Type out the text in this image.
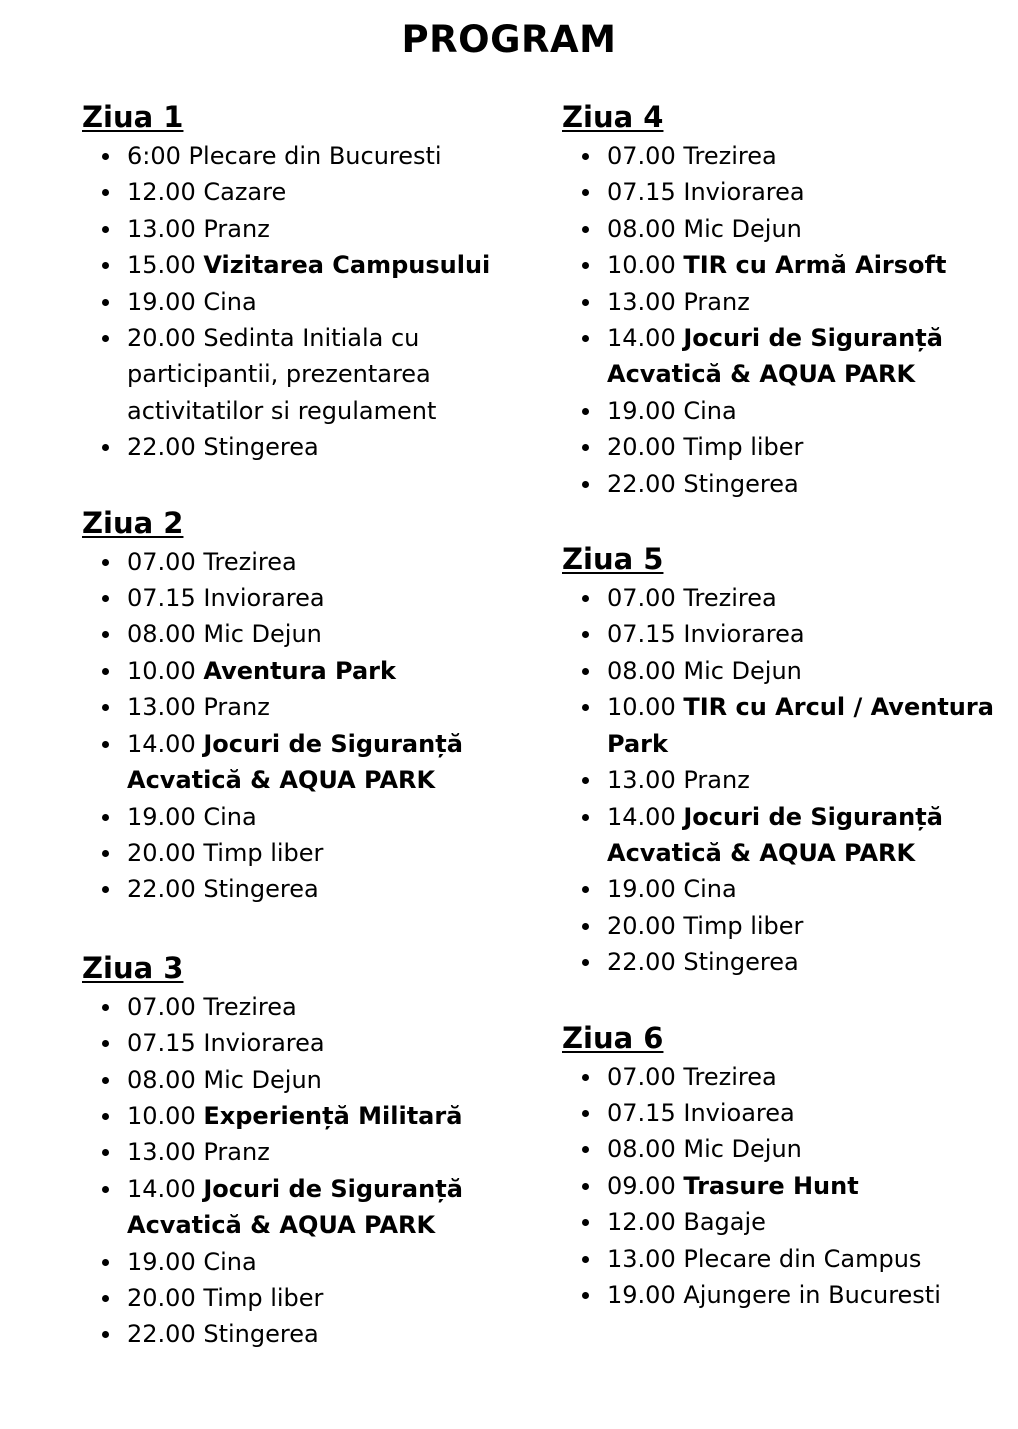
PROGRAM
Ziua 1
6:00 Plecare din Bucuresti
12.00 Cazare
13.00 Pranz
15.00 Vizitarea Campusului
19.00 Cina
20.00 Sedinta Initiala cu participantii, prezentarea activitatilor si regulament
22.00 Stingerea
Ziua 2
07.00 Trezirea
07.15 Inviorarea
08.00 Mic Dejun
10.00 Aventura Park
13.00 Pranz
14.00 Jocuri de Siguranță Acvatică & AQUA PARK
19.00 Cina
20.00 Timp liber
22.00 Stingerea
Ziua 3
07.00 Trezirea
07.15 Inviorarea
08.00 Mic Dejun
10.00 Experiență Militară
13.00 Pranz
14.00 Jocuri de Siguranță Acvatică & AQUA PARK
19.00 Cina
20.00 Timp liber
22.00 Stingerea
Ziua 4
07.00 Trezirea
07.15 Inviorarea
08.00 Mic Dejun
10.00 TIR cu Armă Airsoft
13.00 Pranz
14.00 Jocuri de Siguranță Acvatică & AQUA PARK
19.00 Cina
20.00 Timp liber
22.00 Stingerea
Ziua 5
07.00 Trezirea
07.15 Inviorarea
08.00 Mic Dejun
10.00 TIR cu Arcul / Aventura Park
13.00 Pranz
14.00 Jocuri de Siguranță Acvatică & AQUA PARK
19.00 Cina
20.00 Timp liber
22.00 Stingerea
Ziua 6
07.00 Trezirea
07.15 Invioarea
08.00 Mic Dejun
09.00 Trasure Hunt
12.00 Bagaje
13.00 Plecare din Campus
19.00 Ajungere in Bucuresti
